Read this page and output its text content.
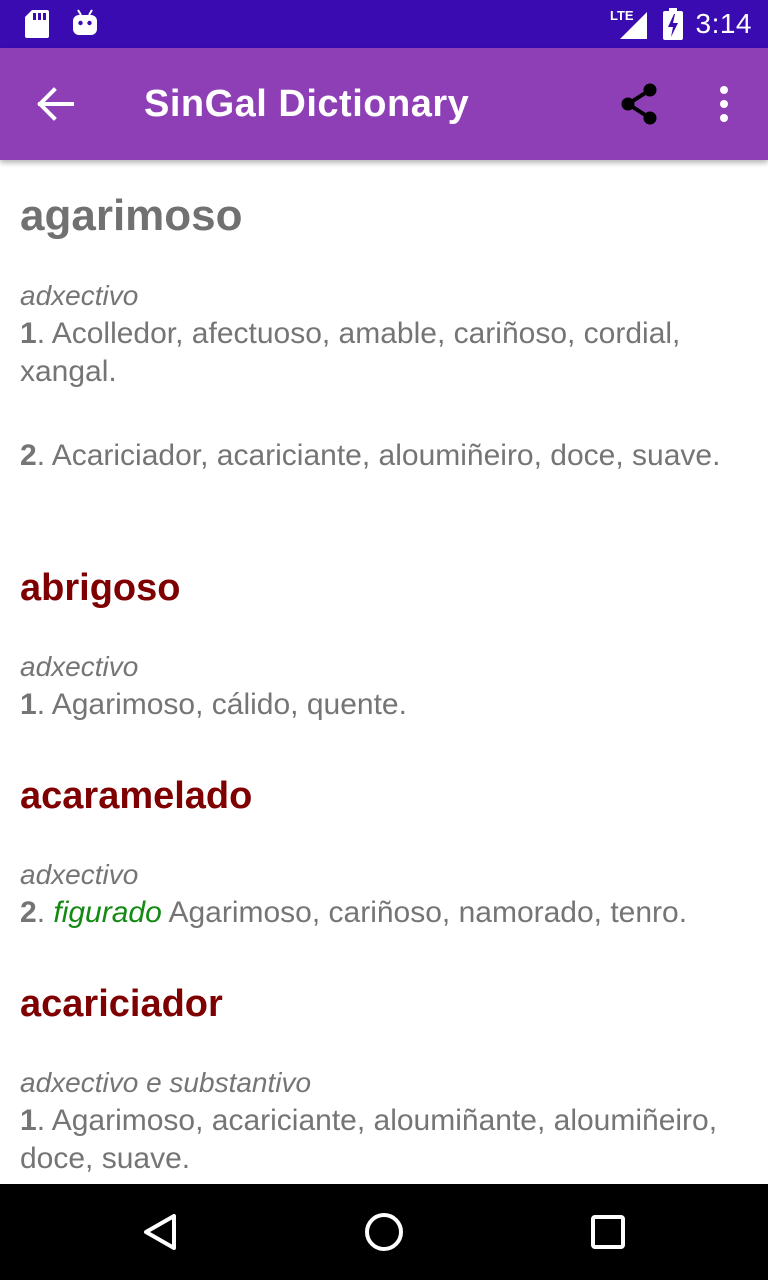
LTE 3:14
SinGal Dictionary
agarimoso
adxectivo
1. Acolledor, afectuoso, amable, cariñoso, cordial, xangal.
2. Acariciador, acariciante, aloumiñeiro, doce, suave.
abrigoso
adxectivo
1. Agarimoso, cálido, quente.
acaramelado
adxectivo
2. figurado Agarimoso, cariñoso, namorado, tenro.
acariciador
adxectivo e substantivo
1. Agarimoso, acariciante, aloumiñante, aloumiñeiro, doce, suave.
